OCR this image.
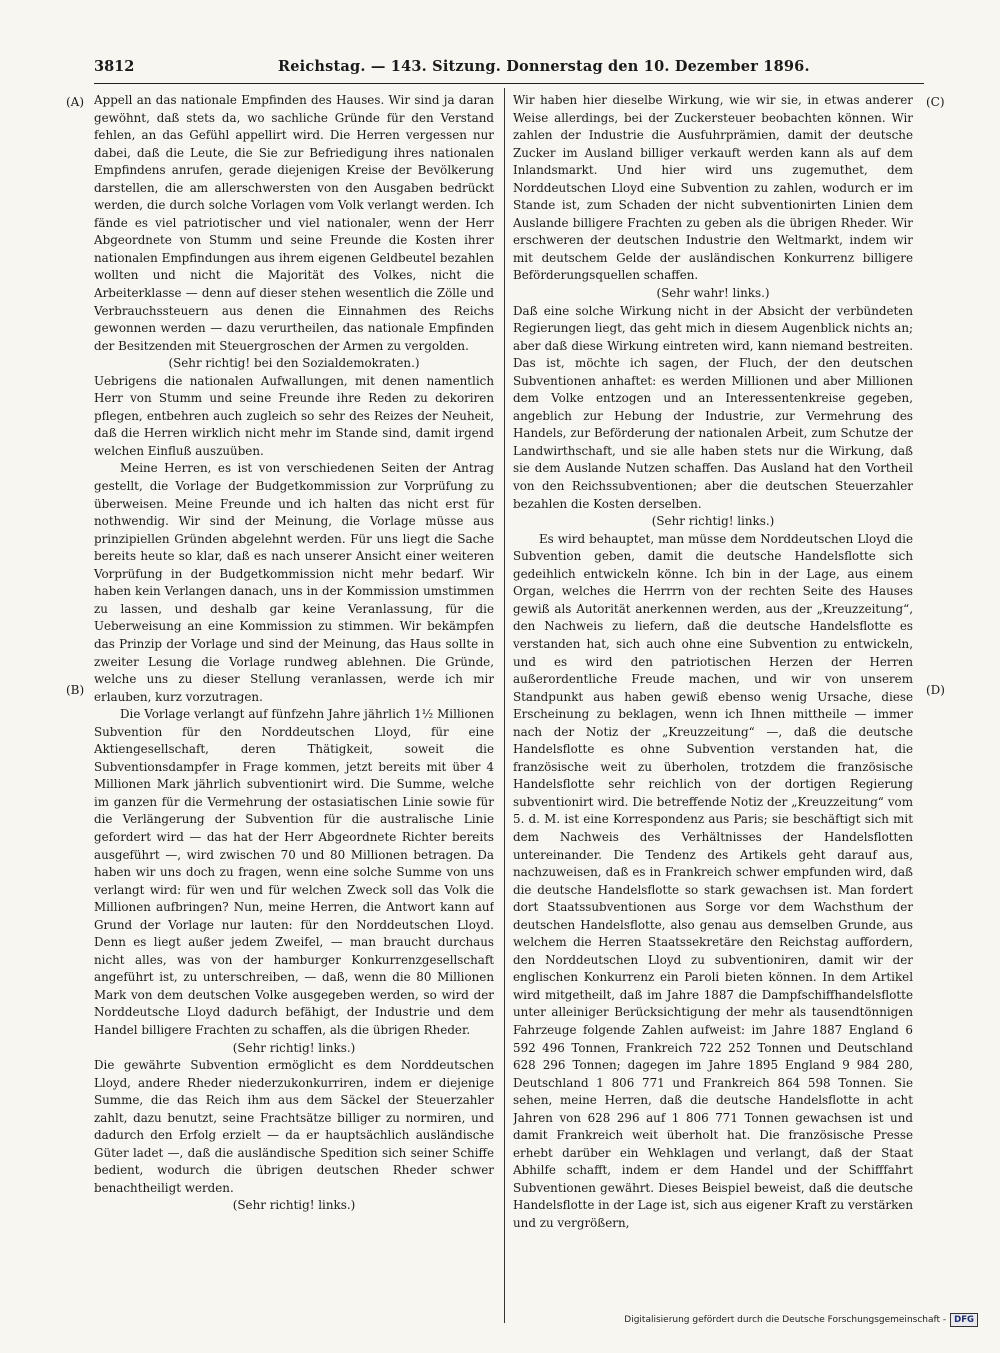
3812	Reichstag. — 143. Sitzung. Donnerstag den 10. Dezember 1896.
(A)
(B)
(C)
(D)

Appell an das nationale Empfinden des Hauses. Wir sind ja daran gewöhnt, daß stets da, wo sachliche Gründe für den Verstand fehlen, an das Gefühl appellirt wird. Die Herren vergessen nur dabei, daß die Leute, die Sie zur Befriedigung ihres nationalen Empfindens anrufen, gerade diejenigen Kreise der Bevölkerung darstellen, die am allerschwersten von den Ausgaben bedrückt werden, die durch solche Vorlagen vom Volk verlangt werden. Ich fände es viel patriotischer und viel nationaler, wenn der Herr Abgeordnete von Stumm und seine Freunde die Kosten ihrer nationalen Empfindungen aus ihrem eigenen Geldbeutel bezahlen wollten und nicht die Majorität des Volkes, nicht die Arbeiterklasse — denn auf dieser stehen wesentlich die Zölle und Verbrauchssteuern aus denen die Einnahmen des Reichs gewonnen werden — dazu verurtheilen, das nationale Empfinden der Besitzenden mit Steuergroschen der Armen zu vergolden.

(Sehr richtig! bei den Sozialdemokraten.)

Uebrigens die nationalen Aufwallungen, mit denen namentlich Herr von Stumm und seine Freunde ihre Reden zu dekoriren pflegen, entbehren auch zugleich so sehr des Reizes der Neuheit, daß die Herren wirklich nicht mehr im Stande sind, damit irgend welchen Einfluß auszuüben.

Meine Herren, es ist von verschiedenen Seiten der Antrag gestellt, die Vorlage der Budgetkommission zur Vorprüfung zu überweisen. Meine Freunde und ich halten das nicht erst für nothwendig. Wir sind der Meinung, die Vorlage müsse aus prinzipiellen Gründen abgelehnt werden. Für uns liegt die Sache bereits heute so klar, daß es nach unserer Ansicht einer weiteren Vorprüfung in der Budgetkommission nicht mehr bedarf. Wir haben kein Verlangen danach, uns in der Kommission umstimmen zu lassen, und deshalb gar keine Veranlassung, für die Ueberweisung an eine Kommission zu stimmen. Wir bekämpfen das Prinzip der Vorlage und sind der Meinung, das Haus sollte in zweiter Lesung die Vorlage rundweg ablehnen. Die Gründe, welche uns zu dieser Stellung veranlassen, werde ich mir erlauben, kurz vorzutragen.

Die Vorlage verlangt auf fünfzehn Jahre jährlich 1½ Millionen Subvention für den Norddeutschen Lloyd, für eine Aktiengesellschaft, deren Thätigkeit, soweit die Subventionsdampfer in Frage kommen, jetzt bereits mit über 4 Millionen Mark jährlich subventionirt wird. Die Summe, welche im ganzen für die Vermehrung der ostasiatischen Linie sowie für die Verlängerung der Subvention für die australische Linie gefordert wird — das hat der Herr Abgeordnete Richter bereits ausgeführt —, wird zwischen 70 und 80 Millionen betragen. Da haben wir uns doch zu fragen, wenn eine solche Summe von uns verlangt wird: für wen und für welchen Zweck soll das Volk die Millionen aufbringen? Nun, meine Herren, die Antwort kann auf Grund der Vorlage nur lauten: für den Norddeutschen Lloyd. Denn es liegt außer jedem Zweifel, — man braucht durchaus nicht alles, was von der hamburger Konkurrenzgesellschaft angeführt ist, zu unterschreiben, — daß, wenn die 80 Millionen Mark von dem deutschen Volke ausgegeben werden, so wird der Norddeutsche Lloyd dadurch befähigt, der Industrie und dem Handel billigere Frachten zu schaffen, als die übrigen Rheder.

(Sehr richtig! links.)

Die gewährte Subvention ermöglicht es dem Norddeutschen Lloyd, andere Rheder niederzukonkurriren, indem er diejenige Summe, die das Reich ihm aus dem Säckel der Steuerzahler zahlt, dazu benutzt, seine Frachtsätze billiger zu normiren, und dadurch den Erfolg erzielt — da er hauptsächlich ausländische Güter ladet —, daß die ausländische Spedition sich seiner Schiffe bedient, wodurch die übrigen deutschen Rheder schwer benachtheiligt werden.

(Sehr richtig! links.)

Wir haben hier dieselbe Wirkung, wie wir sie, in etwas anderer Weise allerdings, bei der Zuckersteuer beobachten können. Wir zahlen der Industrie die Ausfuhrprämien, damit der deutsche Zucker im Ausland billiger verkauft werden kann als auf dem Inlandsmarkt. Und hier wird uns zugemuthet, dem Norddeutschen Lloyd eine Subvention zu zahlen, wodurch er im Stande ist, zum Schaden der nicht subventionirten Linien dem Auslande billigere Frachten zu geben als die übrigen Rheder. Wir erschweren der deutschen Industrie den Weltmarkt, indem wir mit deutschem Gelde der ausländischen Konkurrenz billigere Beförderungsquellen schaffen.

(Sehr wahr! links.)

Daß eine solche Wirkung nicht in der Absicht der verbündeten Regierungen liegt, das geht mich in diesem Augenblick nichts an; aber daß diese Wirkung eintreten wird, kann niemand bestreiten. Das ist, möchte ich sagen, der Fluch, der den deutschen Subventionen anhaftet: es werden Millionen und aber Millionen dem Volke entzogen und an Interessentenkreise gegeben, angeblich zur Hebung der Industrie, zur Vermehrung des Handels, zur Beförderung der nationalen Arbeit, zum Schutze der Landwirthschaft, und sie alle haben stets nur die Wirkung, daß sie dem Auslande Nutzen schaffen. Das Ausland hat den Vortheil von den Reichssubventionen; aber die deutschen Steuerzahler bezahlen die Kosten derselben.

(Sehr richtig! links.)

Es wird behauptet, man müsse dem Norddeutschen Lloyd die Subvention geben, damit die deutsche Handelsflotte sich gedeihlich entwickeln könne. Ich bin in der Lage, aus einem Organ, welches die Herrrn von der rechten Seite des Hauses gewiß als Autorität anerkennen werden, aus der „Kreuzzeitung“, den Nachweis zu liefern, daß die deutsche Handelsflotte es verstanden hat, sich auch ohne eine Subvention zu entwickeln, und es wird den patriotischen Herzen der Herren außerordentliche Freude machen, und wir von unserem Standpunkt aus haben gewiß ebenso wenig Ursache, diese Erscheinung zu beklagen, wenn ich Ihnen mittheile — immer nach der Notiz der „Kreuzzeitung“ —, daß die deutsche Handelsflotte es ohne Subvention verstanden hat, die französische weit zu überholen, trotzdem die französische Handelsflotte sehr reichlich von der dortigen Regierung subventionirt wird. Die betreffende Notiz der „Kreuzzeitung“ vom 5. d. M. ist eine Korrespondenz aus Paris; sie beschäftigt sich mit dem Nachweis des Verhältnisses der Handelsflotten untereinander. Die Tendenz des Artikels geht darauf aus, nachzuweisen, daß es in Frankreich schwer empfunden wird, daß die deutsche Handelsflotte so stark gewachsen ist. Man fordert dort Staatssubventionen aus Sorge vor dem Wachsthum der deutschen Handelsflotte, also genau aus demselben Grunde, aus welchem die Herren Staatssekretäre den Reichstag auffordern, den Norddeutschen Lloyd zu subventioniren, damit wir der englischen Konkurrenz ein Paroli bieten können. In dem Artikel wird mitgetheilt, daß im Jahre 1887 die Dampfschiffhandelsflotte unter alleiniger Berücksichtigung der mehr als tausendtönnigen Fahrzeuge folgende Zahlen aufweist: im Jahre 1887 England 6 592 496 Tonnen, Frankreich 722 252 Tonnen und Deutschland 628 296 Tonnen; dagegen im Jahre 1895 England 9 984 280, Deutschland 1 806 771 und Frankreich 864 598 Tonnen. Sie sehen, meine Herren, daß die deutsche Handelsflotte in acht Jahren von 628 296 auf 1 806 771 Tonnen gewachsen ist und damit Frankreich weit überholt hat. Die französische Presse erhebt darüber ein Wehklagen und verlangt, daß der Staat Abhilfe schafft, indem er dem Handel und der Schifffahrt Subventionen gewährt. Dieses Beispiel beweist, daß die deutsche Handelsflotte in der Lage ist, sich aus eigener Kraft zu verstärken und zu vergrößern,

Digitalisierung gefördert durch die Deutsche Forschungsgemeinschaft - DFG
